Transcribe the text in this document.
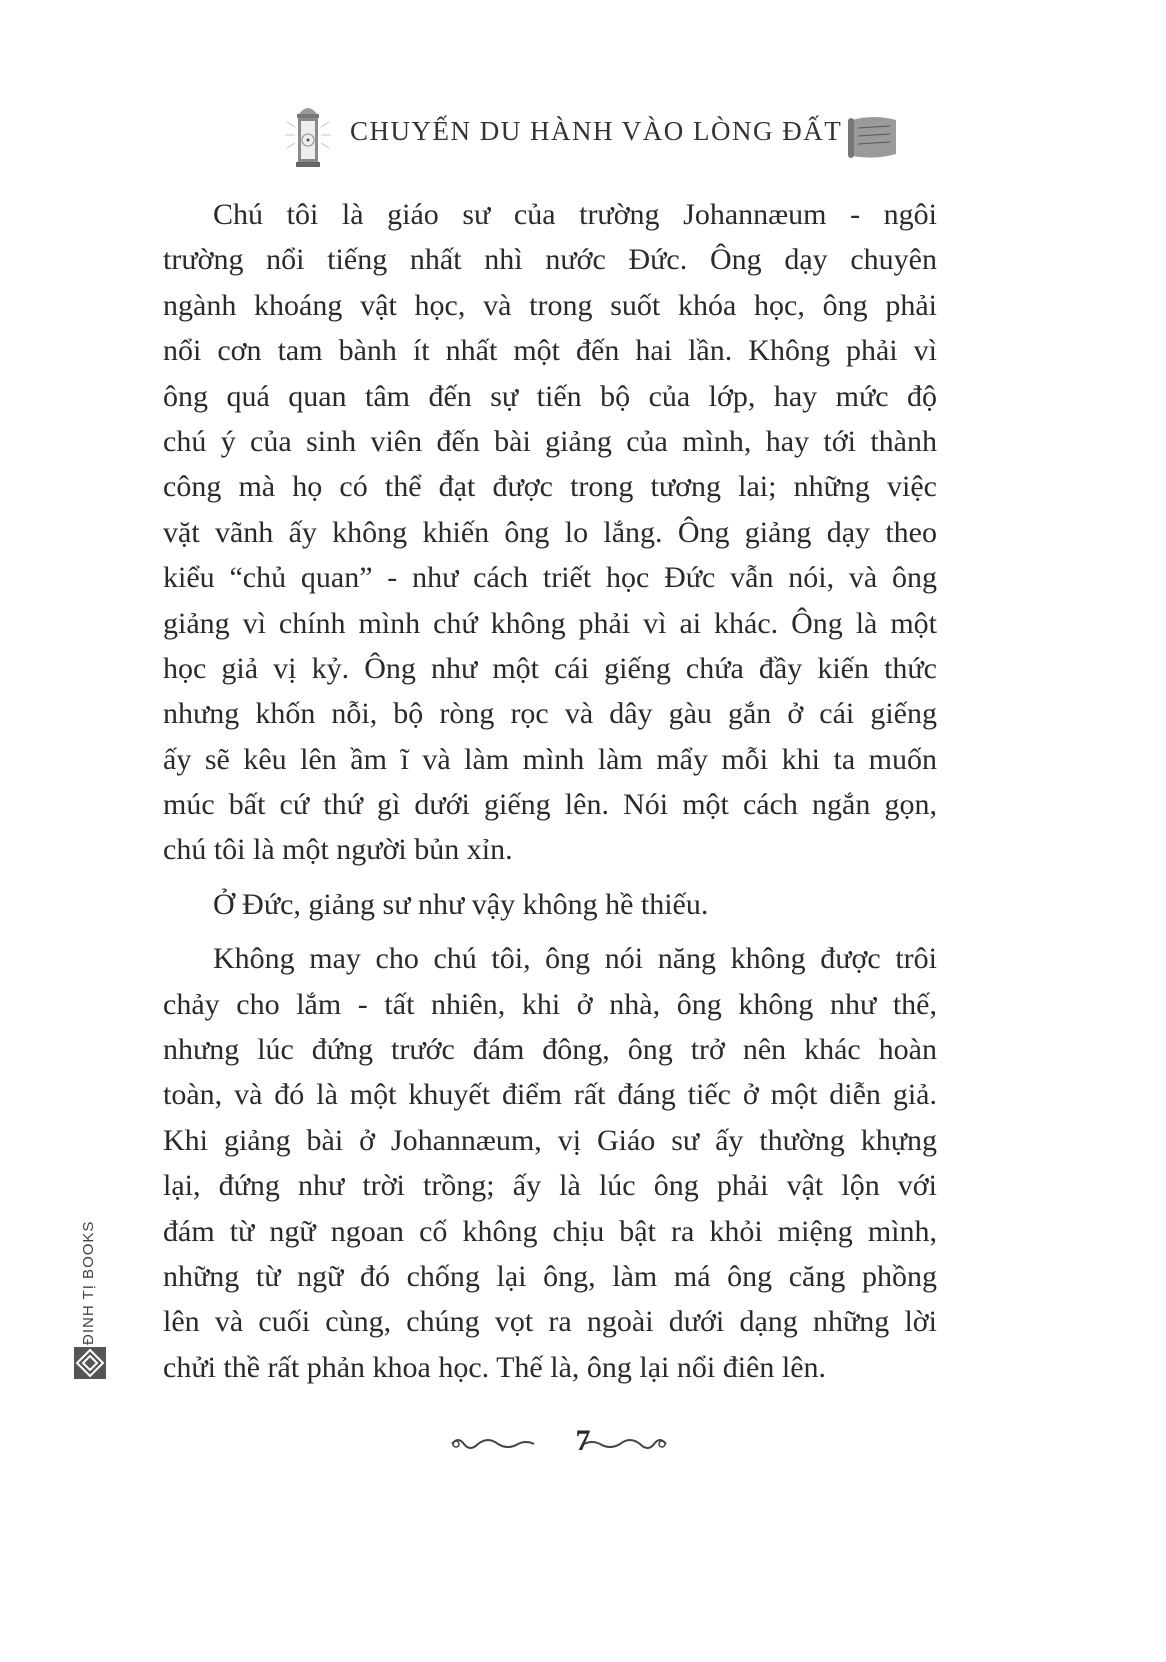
CHUYẾN DU HÀNH VÀO LÒNG ĐẤT
Chú tôi là giáo sư của trường Johannæum - ngôi
trường nổi tiếng nhất nhì nước Đức. Ông dạy chuyên
ngành khoáng vật học, và trong suốt khóa học, ông phải
nổi cơn tam bành ít nhất một đến hai lần. Không phải vì
ông quá quan tâm đến sự tiến bộ của lớp, hay mức độ
chú ý của sinh viên đến bài giảng của mình, hay tới thành
công mà họ có thể đạt được trong tương lai; những việc
vặt vãnh ấy không khiến ông lo lắng. Ông giảng dạy theo
kiểu “chủ quan” - như cách triết học Đức vẫn nói, và ông
giảng vì chính mình chứ không phải vì ai khác. Ông là một
học giả vị kỷ. Ông như một cái giếng chứa đầy kiến thức
nhưng khốn nỗi, bộ ròng rọc và dây gàu gắn ở cái giếng
ấy sẽ kêu lên ầm ĩ và làm mình làm mẩy mỗi khi ta muốn
múc bất cứ thứ gì dưới giếng lên. Nói một cách ngắn gọn,
chú tôi là một người bủn xỉn.
Ở Đức, giảng sư như vậy không hề thiếu.
Không may cho chú tôi, ông nói năng không được trôi
chảy cho lắm - tất nhiên, khi ở nhà, ông không như thế,
nhưng lúc đứng trước đám đông, ông trở nên khác hoàn
toàn, và đó là một khuyết điểm rất đáng tiếc ở một diễn giả.
Khi giảng bài ở Johannæum, vị Giáo sư ấy thường khựng
lại, đứng như trời trồng; ấy là lúc ông phải vật lộn với
đám từ ngữ ngoan cố không chịu bật ra khỏi miệng mình,
những từ ngữ đó chống lại ông, làm má ông căng phồng
lên và cuối cùng, chúng vọt ra ngoài dưới dạng những lời
chửi thề rất phản khoa học. Thế là, ông lại nổi điên lên.
7
ĐINH TỊ BOOKS
